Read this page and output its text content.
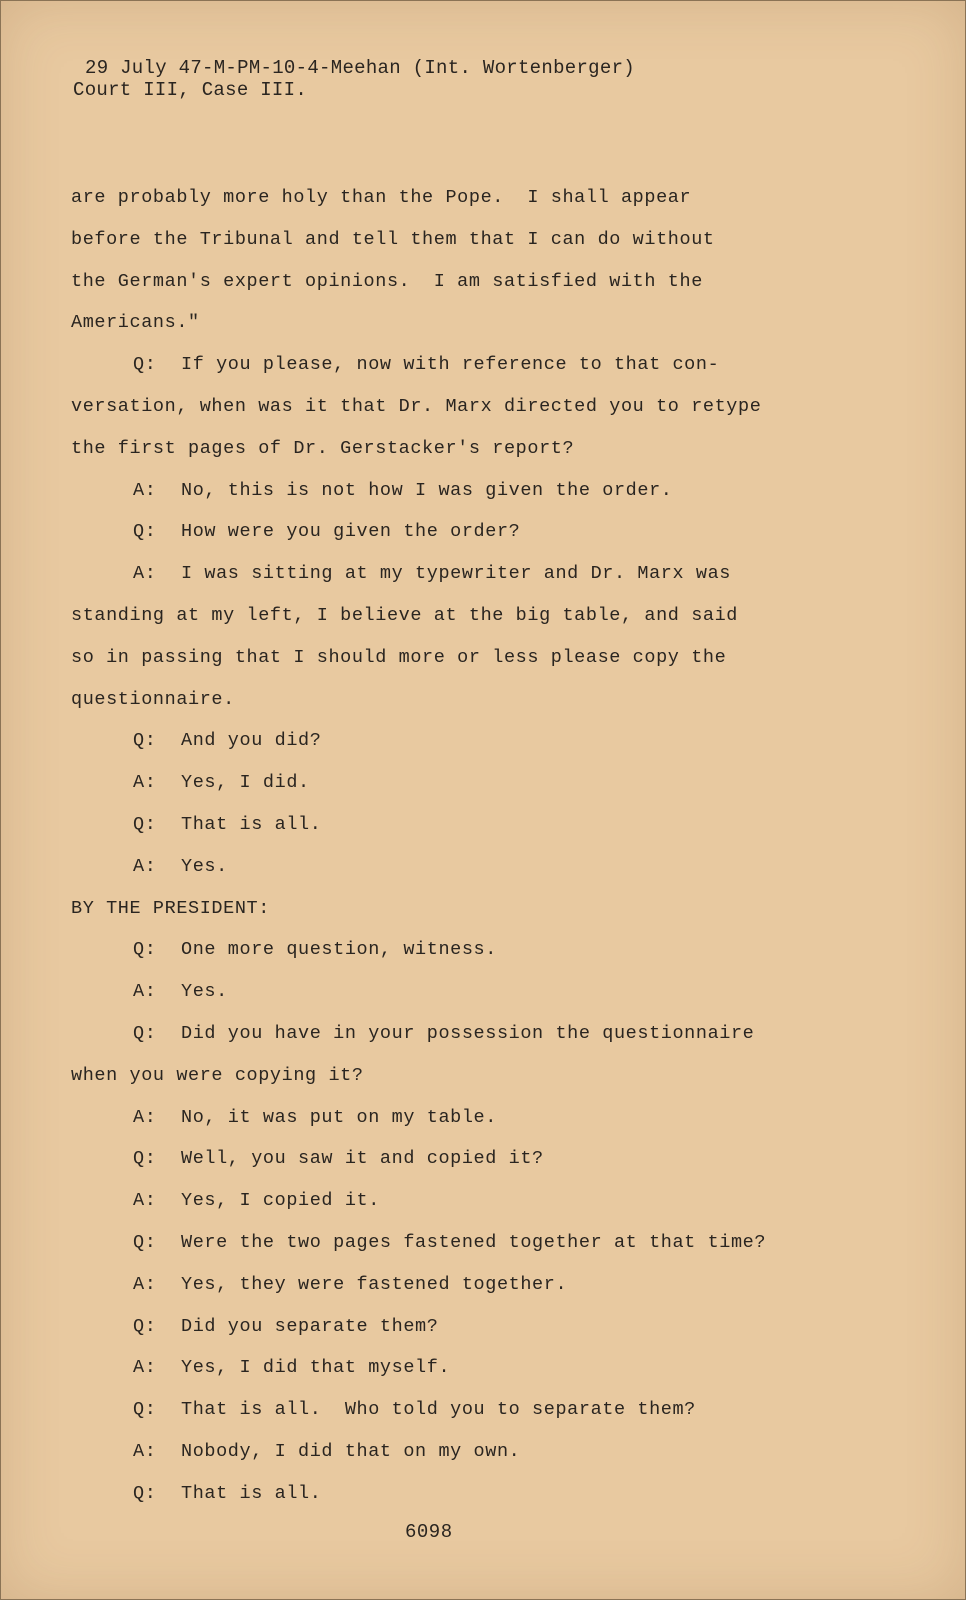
29 July 47-M-PM-10-4-Meehan (Int. Wortenberger)
Court III, Case III.
are probably more holy than the Pope.  I shall appear
before the Tribunal and tell them that I can do without
the German's expert opinions.  I am satisfied with the
Americans."
Q: If you please, now with reference to that con-
versation, when was it that Dr. Marx directed you to retype
the first pages of Dr. Gerstacker's report?
A: No, this is not how I was given the order.
Q: How were you given the order?
A: I was sitting at my typewriter and Dr. Marx was
standing at my left, I believe at the big table, and said
so in passing that I should more or less please copy the
questionnaire.
Q: And you did?
A: Yes, I did.
Q: That is all.
A: Yes.
BY THE PRESIDENT:
Q: One more question, witness.
A: Yes.
Q: Did you have in your possession the questionnaire
when you were copying it?
A: No, it was put on my table.
Q: Well, you saw it and copied it?
A: Yes, I copied it.
Q: Were the two pages fastened together at that time?
A: Yes, they were fastened together.
Q: Did you separate them?
A: Yes, I did that myself.
Q: That is all.  Who told you to separate them?
A: Nobody, I did that on my own.
Q: That is all.
6098
